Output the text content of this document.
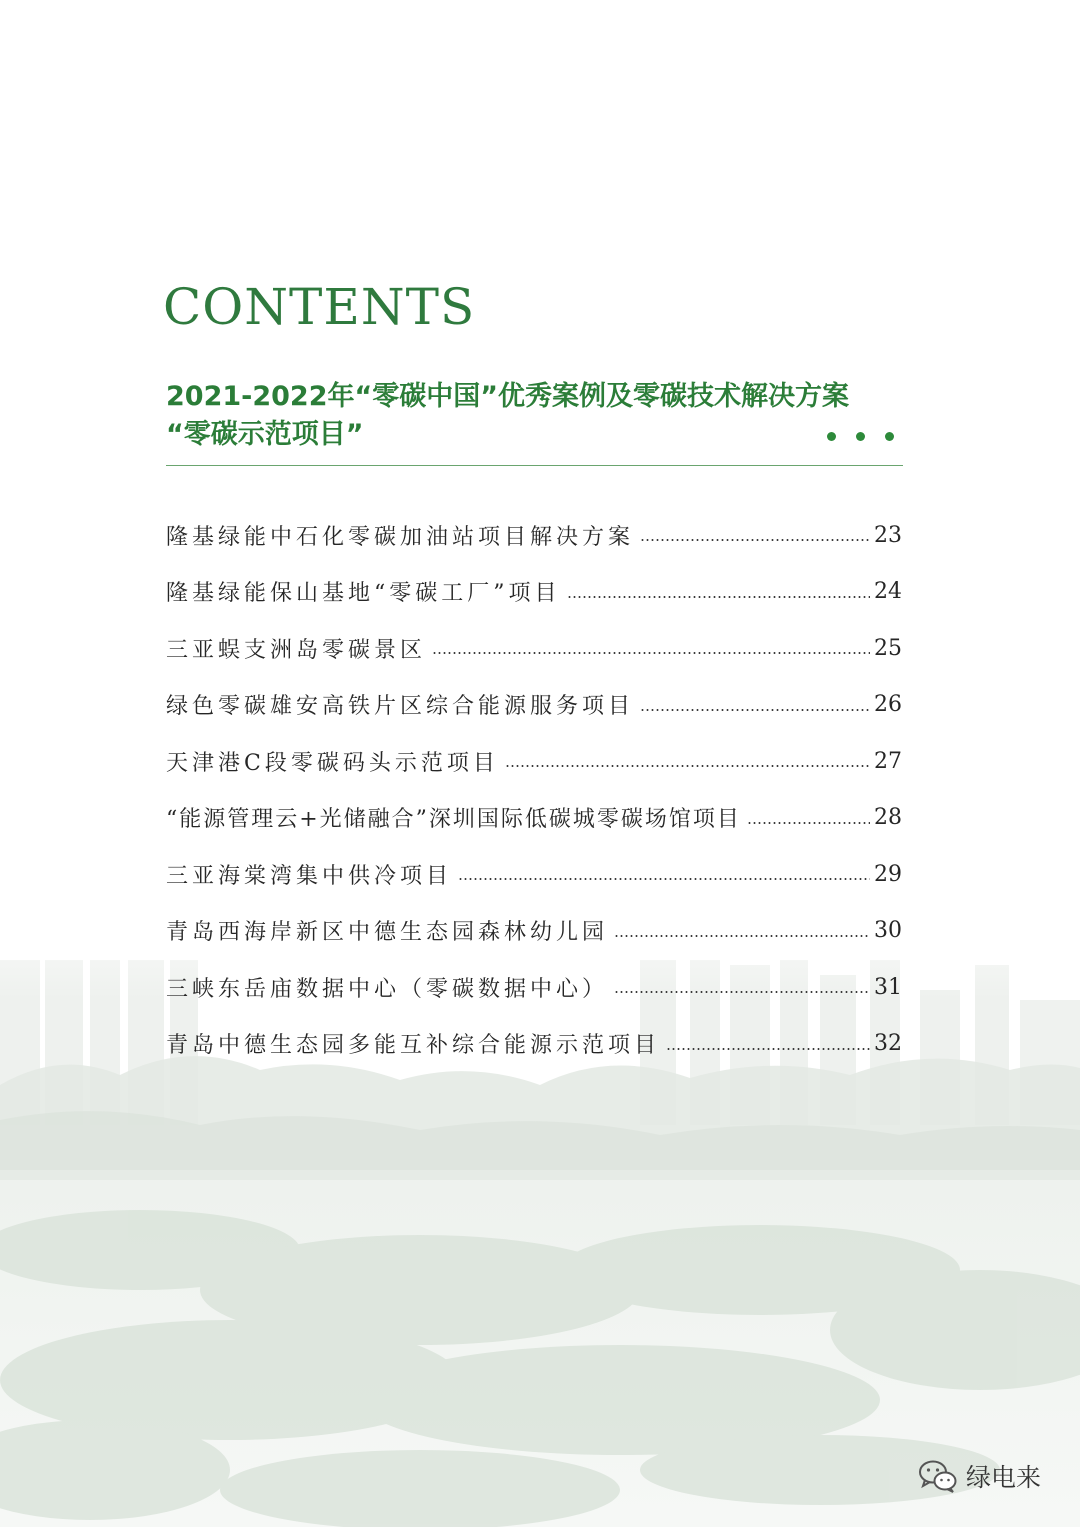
CONTENTS
2021-2022年“零碳中国”优秀案例及零碳技术解决方案
“零碳示范项目”
隆基绿能中石化零碳加油站项目解决方案	23
隆基绿能保山基地“零碳工厂”项目	24
三亚蜈支洲岛零碳景区	25
绿色零碳雄安高铁片区综合能源服务项目	26
天津港C段零碳码头示范项目	27
“能源管理云+光储融合”深圳国际低碳城零碳场馆项目	28
三亚海棠湾集中供冷项目	29
青岛西海岸新区中德生态园森林幼儿园	30
三峡东岳庙数据中心（零碳数据中心）	31
青岛中德生态园多能互补综合能源示范项目	32
绿电来
